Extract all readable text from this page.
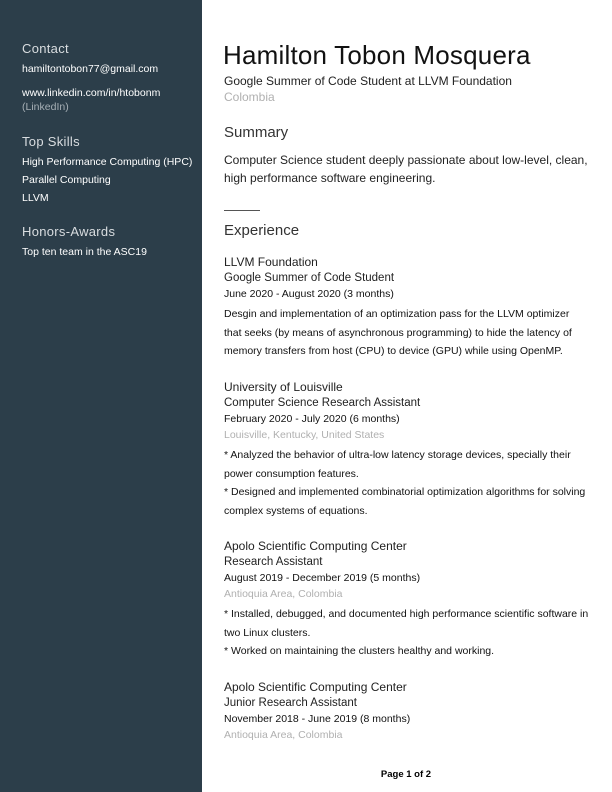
Contact
hamiltontobon77@gmail.com
www.linkedin.com/in/htobonm
(LinkedIn)
Top Skills
High Performance Computing (HPC)
Parallel Computing
LLVM
Honors-Awards
Top ten team in the ASC19
Hamilton Tobon Mosquera
Google Summer of Code Student at LLVM Foundation
Colombia
Summary
Computer Science student deeply passionate about low-level, clean,
high performance software engineering.
Experience
LLVM Foundation
Google Summer of Code Student
June 2020 - August 2020 (3 months)
Desgin and implementation of an optimization pass for the LLVM optimizer
that seeks (by means of asynchronous programming) to hide the latency of
memory transfers from host (CPU) to device (GPU) while using OpenMP.
University of Louisville
Computer Science Research Assistant
February 2020 - July 2020 (6 months)
Louisville, Kentucky, United States
* Analyzed the behavior of ultra-low latency storage devices, specially their
power consumption features.
* Designed and implemented combinatorial optimization algorithms for solving
complex systems of equations.
Apolo Scientific Computing Center
Research Assistant
August 2019 - December 2019 (5 months)
Antioquia Area, Colombia
* Installed, debugged, and documented high performance scientific software in
two Linux clusters.
* Worked on maintaining the clusters healthy and working.
Apolo Scientific Computing Center
Junior Research Assistant
November 2018 - June 2019 (8 months)
Antioquia Area, Colombia
Page 1 of 2
